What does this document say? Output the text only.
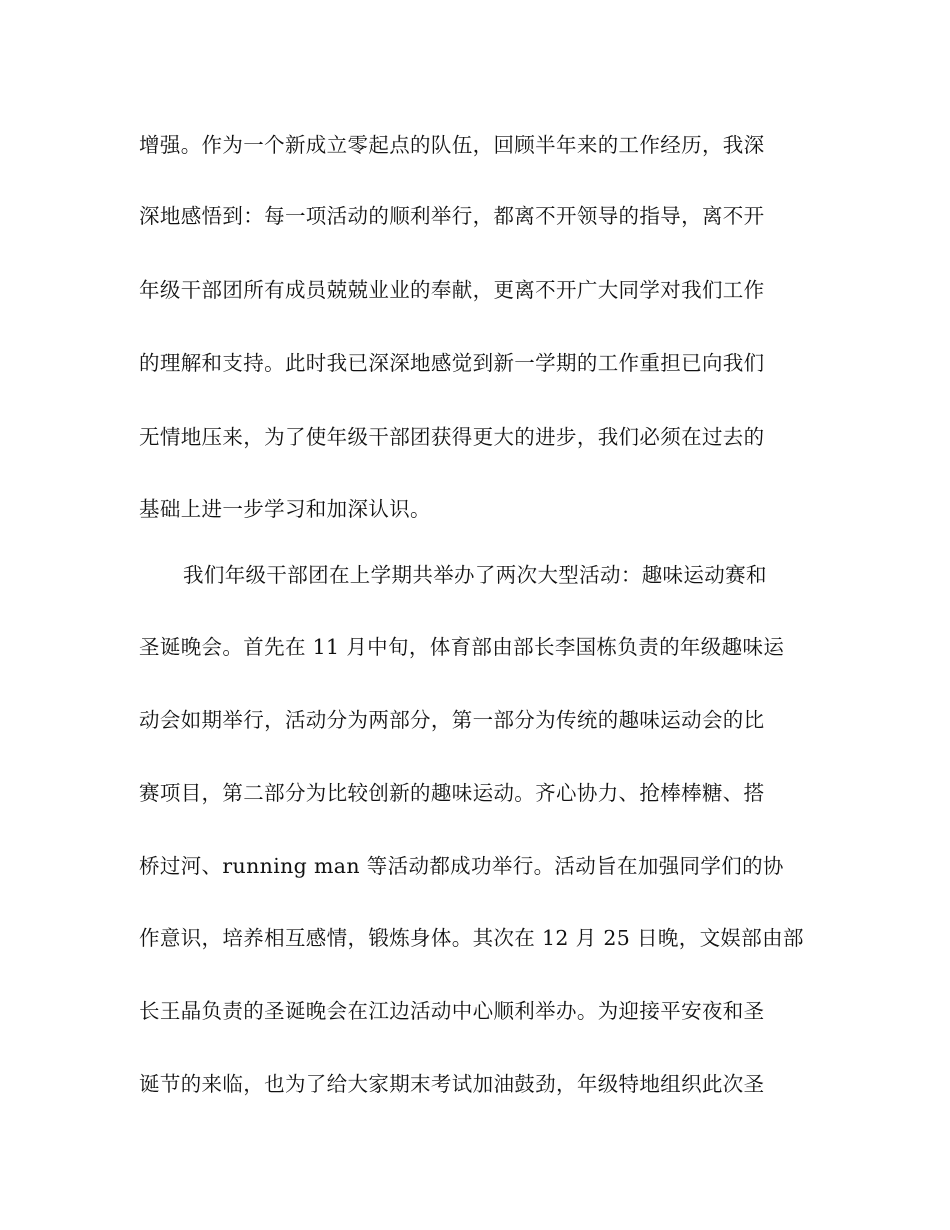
增强。作为一个新成立零起点的队伍，回顾半年来的工作经历，我深
深地感悟到：每一项活动的顺利举行，都离不开领导的指导，离不开
年级干部团所有成员兢兢业业的奉献，更离不开广大同学对我们工作
的理解和支持。此时我已深深地感觉到新一学期的工作重担已向我们
无情地压来，为了使年级干部团获得更大的进步，我们必须在过去的
基础上进一步学习和加深认识。
我们年级干部团在上学期共举办了两次大型活动：趣味运动赛和
圣诞晚会。首先在 11 月中旬，体育部由部长李国栋负责的年级趣味运
动会如期举行，活动分为两部分，第一部分为传统的趣味运动会的比
赛项目，第二部分为比较创新的趣味运动。齐心协力、抢棒棒糖、搭
桥过河、running man 等活动都成功举行。活动旨在加强同学们的协
作意识，培养相互感情，锻炼身体。其次在 12 月 25 日晚，文娱部由部
长王晶负责的圣诞晚会在江边活动中心顺利举办。为迎接平安夜和圣
诞节的来临，也为了给大家期末考试加油鼓劲，年级特地组织此次圣
